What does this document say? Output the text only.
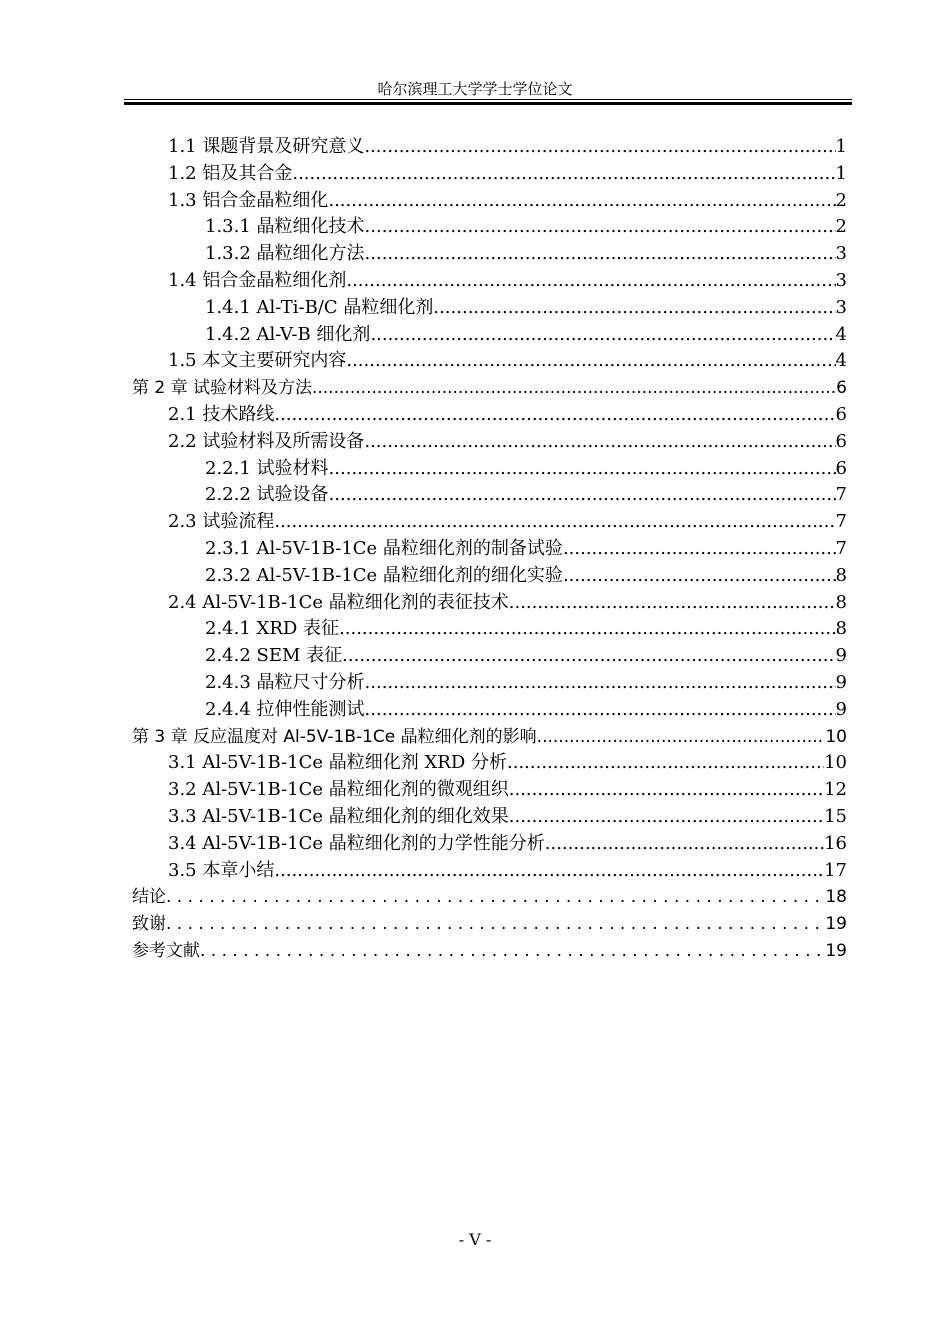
哈尔滨理工大学学士学位论文
1.1 课题背景及研究意义 .....	1
1.2 铝及其合金 .....	1
1.3 铝合金晶粒细化 .....	2
1.3.1 晶粒细化技术 .....	2
1.3.2 晶粒细化方法 .....	3
1.4 铝合金晶粒细化剂 .....	3
1.4.1 Al-Ti-B/C 晶粒细化剂 .....	3
1.4.2 Al-V-B 细化剂 .....	4
1.5 本文主要研究内容 .....	4
第 2 章 试验材料及方法 .....	6
2.1 技术路线 .....	6
2.2 试验材料及所需设备 .....	6
2.2.1 试验材料 .....	6
2.2.2 试验设备 .....	7
2.3 试验流程 .....	7
2.3.1 Al-5V-1B-1Ce 晶粒细化剂的制备试验 .....	7
2.3.2 Al-5V-1B-1Ce 晶粒细化剂的细化实验 .....	8
2.4 Al-5V-1B-1Ce 晶粒细化剂的表征技术 .....	8
2.4.1 XRD 表征 .....	8
2.4.2 SEM 表征 .....	9
2.4.3 晶粒尺寸分析 .....	9
2.4.4 拉伸性能测试 .....	9
第 3 章 反应温度对 Al-5V-1B-1Ce 晶粒细化剂的影响 .....	10
3.1 Al-5V-1B-1Ce 晶粒细化剂 XRD 分析 .....	10
3.2 Al-5V-1B-1Ce 晶粒细化剂的微观组织 .....	12
3.3 Al-5V-1B-1Ce 晶粒细化剂的细化效果 .....	15
3.4 Al-5V-1B-1Ce 晶粒细化剂的力学性能分析 .....	16
3.5 本章小结 .....	17
结论 . . .	18
致谢 . . .	19
参考文献 . . .	19
- V -
